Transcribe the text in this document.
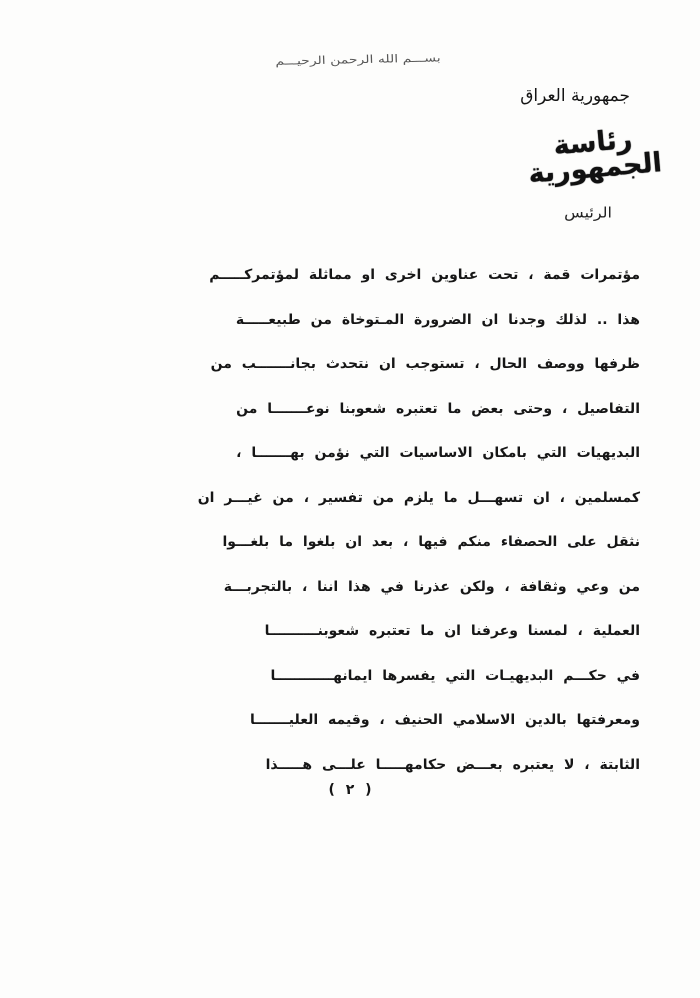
بســـم الله الرحمن الرحيـــم
جمهورية العراق
رئاسة الجمهورية
الرئيس
مؤتمرات قمة ، تحت عناوين اخرى او مماثلة لمؤتمركـــــم
هذا .. لذلك وجدنا ان الضرورة المـتوخاة من طبيعـــــة
ظرفها ووصف الحال ، تستوجب ان نتحدث بجانـــــــب من
التفاصيل ، وحتى بعض ما تعتبره شعوبنا نوعـــــــا من
البديهيات التي بامكان الاساسيات التي نؤمن بهـــــــا ،
كمسلمين ، ان تسهـــل ما يلزم من تفسير ، من غيـــر ان
نثقل على الحصفاء منكم فيها ، بعد ان بلغوا ما بلغـــوا
من وعي وثقافة ، ولكن عذرنا في هذا اننا ، بالتجربـــة
العملية ، لمسنا وعرفنا ان ما تعتبره شعوبنــــــــــا
في حكـــم البديهيـات التي يفسرها ايمانهــــــــــــا
ومعرفتها بالدين الاسلامي الحنيف ، وقيمه العليـــــــا
الثابتة ، لا يعتبره بعـــض حكامهـــــا علـــى هـــــذا
( ٢ )
